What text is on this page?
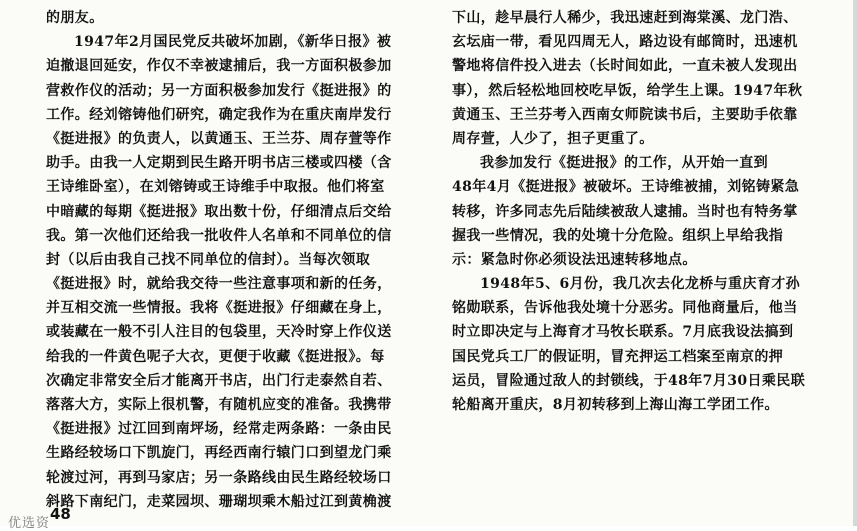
的朋友。
1947年2月国民党反共破坏加剧，《新华日报》被
迫撤退回延安，作仅不幸被逮捕后，我一方面积极参加
营救作仪的活动；另一方面积极参加发行《挺进报》的
工作。经刘镕铸他们研究，确定我作为在重庆南岸发行
《挺进报》的负责人，以黄通玉、王兰芬、周存萱等作
助手。由我一人定期到民生路开明书店三楼或四楼（含
王诗维卧室），在刘镕铸或王诗维手中取报。他们将室
中暗藏的每期《挺进报》取出数十份，仔细清点后交给
我。第一次他们还给我一批收件人名单和不同单位的信
封（以后由我自己找不同单位的信封）。当每次领取
《挺进报》时，就给我交待一些注意事项和新的任务，
并互相交流一些情报。我将《挺进报》仔细藏在身上，
或装藏在一般不引人注目的包袋里，天冷时穿上作仪送
给我的一件黄色呢子大衣，更便于收藏《挺进报》。每
次确定非常安全后才能离开书店，出门行走泰然自若、
落落大方，实际上很机警，有随机应变的准备。我携带
《挺进报》过江回到南坪场，经常走两条路：一条由民
生路经较场口下凯旋门，再经西南行辕门口到望龙门乘
轮渡过河，再到马家店；另一条路线由民生路经较场口
斜路下南纪门，走菜园坝、珊瑚坝乘木船过江到黄桷渡
下山，趁早晨行人稀少，我迅速赶到海棠溪、龙门浩、
玄坛庙一带，看见四周无人，路边设有邮筒时，迅速机
警地将信件投入进去（长时间如此，一直未被人发现出
事），然后轻松地回校吃早饭，给学生上课。1947年秋
黄通玉、王兰芬考入西南女师院读书后，主要助手依靠
周存萱，人少了，担子更重了。
我参加发行《挺进报》的工作，从开始一直到
48年4月《挺进报》被破坏。王诗维被捕，刘铭铸紧急
转移，许多同志先后陆续被敌人逮捕。当时也有特务掌
握我一些情况，我的处境十分危险。组织上早给我指
示：紧急时你必须设法迅速转移地点。
1948年5、6月份，我几次去化龙桥与重庆育才孙
铭勋联系，告诉他我处境十分恶劣。同他商量后，他当
时立即决定与上海育才马牧长联系。7月底我设法搞到
国民党兵工厂的假证明，冒充押运工档案至南京的押
运员，冒险通过敌人的封锁线，于48年7月30日乘民联
轮船离开重庆，8月初转移到上海山海工学团工作。
48
优选资
